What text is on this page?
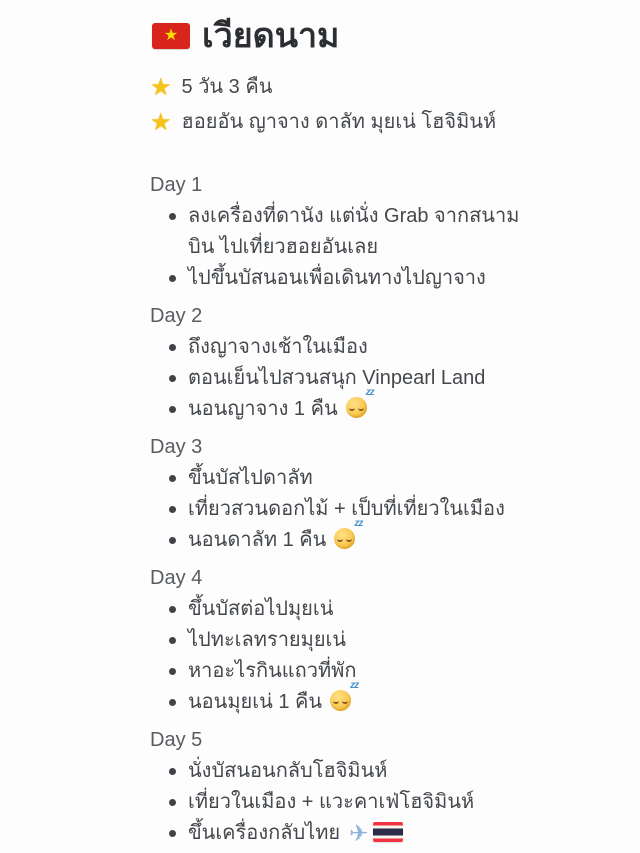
★ เวียดนาม
★ 5 วัน 3 คืน
★ ฮอยอัน ญาจาง ดาลัท มุยเน่ โฮจิมินห์
Day 1
ลงเครื่องที่ดานัง แต่นั่ง Grab จากสนามบิน ไปเที่ยวฮอยอันเลย
ไปขึ้นบัสนอนเพื่อเดินทางไปญาจาง
Day 2
ถึงญาจางเช้าในเมือง
ตอนเย็นไปสวนสนุก Vinpearl Land
นอนญาจาง 1 คืน
zz
Day 3
ขึ้นบัสไปดาลัท
เที่ยวสวนดอกไม้ + เป็บที่เที่ยวในเมือง
นอนดาลัท 1 คืน
zz
Day 4
ขึ้นบัสต่อไปมุยเน่
ไปทะเลทรายมุยเน่
หาอะไรกินแถวที่พัก
นอนมุยเน่ 1 คืน
zz
Day 5
นั่งบัสนอนกลับโฮจิมินห์
เที่ยวในเมือง + แวะคาเฟ่โฮจิมินห์
ขึ้นเครื่องกลับไทย ✈
